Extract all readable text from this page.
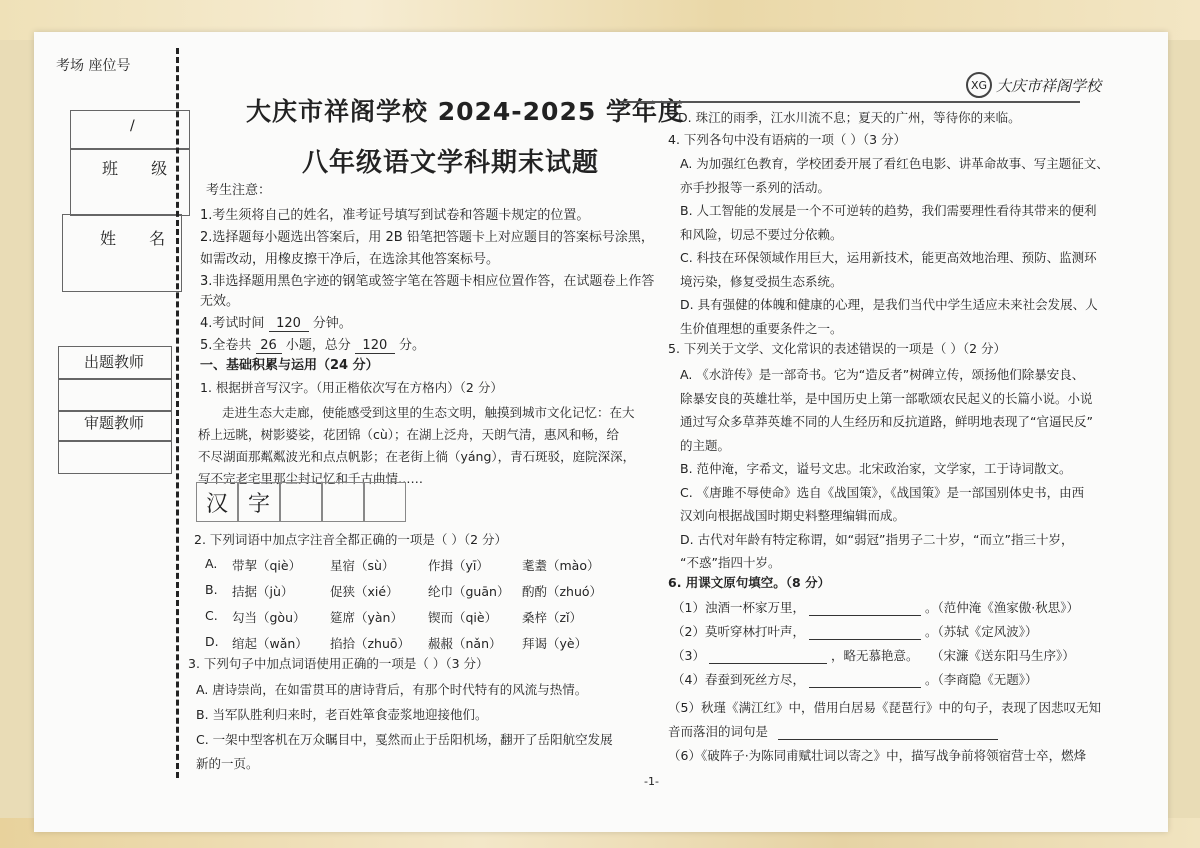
考场 座位号
/
班 级
姓 名
出题教师
审题教师
大庆市祥阁学校 2024-2025 学年度
八年级语文学科期末试题
XG 大庆市祥阁学校
考生注意：
1.考生须将自己的姓名，准考证号填写到试卷和答题卡规定的位置。
2.选择题每小题选出答案后，用 2B 铅笔把答题卡上对应题目的答案标号涂黑，
如需改动，用橡皮擦干净后，在选涂其他答案标号。
3.非选择题用黑色字迹的钢笔或签字笔在答题卡相应位置作答，在试题卷上作答
无效。
4.考试时间 120 分钟。
5.全卷共 26 小题，总分 120 分。
一、基础积累与运用（24 分）
1. 根据拼音写汉字。（用正楷依次写在方格内）（2 分）
走进生态大走廊，使能感受到这里的生态文明，触摸到城市文化记忆：在大
桥上远眺，树影婆娑，花团锦（cù）；在湖上泛舟，天朗气清，惠风和畅，给
不尽湖面那粼粼波光和点点帆影；在老街上徜（yáng），青石斑驳，庭院深深，
写不完老宅里那尘封记忆和千古曲情……
汉 字
2. 下列词语中加点字注音全都正确的一项是（ ）（2 分）
A. 带挈（qiè） 星宿（sù）	作揖（yī）	耄耋（mào）
B. 拮据（jù）	促狭（xié） 纶巾（guān） 酌酌（zhuó）
C. 勾当（gòu） 筵席（yàn） 锲而（qiè） 桑梓（zǐ）
D. 绾起（wǎn） 掐拾（zhuō） 赧赧（nǎn） 拜谒（yè）
3. 下列句子中加点词语使用正确的一项是（ ）（3 分）
A. 唐诗崇尚，在如雷贯耳的唐诗背后，有那个时代特有的风流与热情。
B. 当军队胜利归来时，老百姓箪食壶浆地迎接他们。
C. 一架中型客机在万众瞩目中，戛然而止于岳阳机场，翻开了岳阳航空发展
新的一页。
D. 珠江的雨季，江水川流不息；夏天的广州，等待你的来临。
4. 下列各句中没有语病的一项（ ）（3 分）
A. 为加强红色教育，学校团委开展了看红色电影、讲革命故事、写主题征文、
亦手抄报等一系列的活动。
B. 人工智能的发展是一个不可逆转的趋势，我们需要理性看待其带来的便利
和风险，切忌不要过分依赖。
C. 科技在环保领域作用巨大，运用新技术，能更高效地治理、预防、监测环
境污染，修复受损生态系统。
D. 具有强健的体魄和健康的心理，是我们当代中学生适应未来社会发展、人
生价值理想的重要条件之一。
5. 下列关于文学、文化常识的表述错误的一项是（ ）（2 分）
A. 《水浒传》是一部奇书。它为“造反者”树碑立传，颂扬他们除暴安良、
除暴安良的英雄壮举，是中国历史上第一部歌颂农民起义的长篇小说。小说
通过写众多草莽英雄不同的人生经历和反抗道路，鲜明地表现了“官逼民反”
的主题。
B. 范仲淹，字希文，谥号文忠。北宋政治家，文学家，工于诗词散文。
C. 《唐雎不辱使命》选自《战国策》，《战国策》是一部国别体史书，由西
汉刘向根据战国时期史料整理编辑而成。
D. 古代对年龄有特定称谓，如“弱冠”指男子二十岁，“而立”指三十岁，
“不惑”指四十岁。
6. 用课文原句填空。（8 分）
（1）浊酒一杯家万里，	。（范仲淹《渔家傲·秋思》）
（2）莫听穿林打叶声，	。（苏轼《定风波》）
（3）	，略无慕艳意。　　（宋濂《送东阳马生序》）
（4）春蚕到死丝方尽，	。（李商隐《无题》）
（5）秋瑾《满江红》中，借用白居易《琵琶行》中的句子，表现了因悲叹无知
音而落泪的词句是
（6）《破阵子·为陈同甫赋壮词以寄之》中，描写战争前将领宿营士卒，燃烽
-1-
